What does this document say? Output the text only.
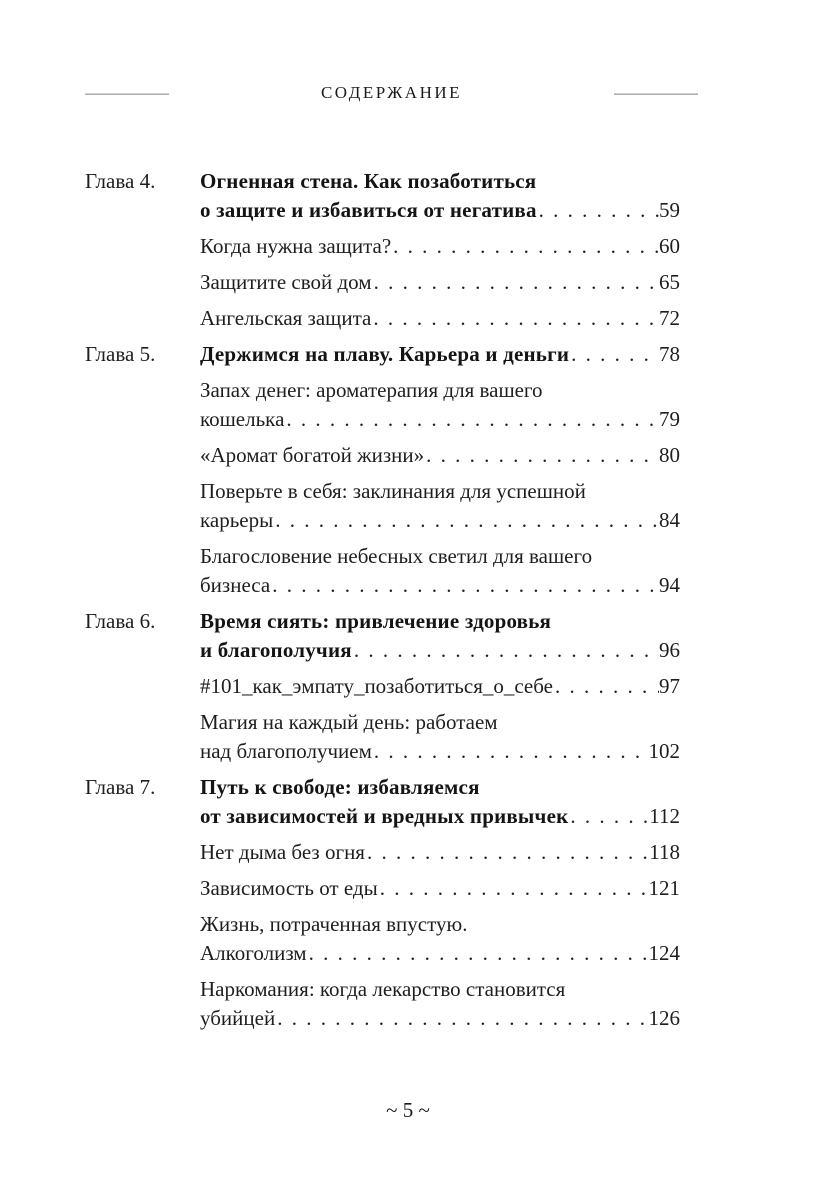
СОДЕРЖАНИЕ
Глава 4.	Огненная стена. Как позаботиться
о защите и избавиться от негатива . . .	59
Когда нужна защита? . . .	60
Защитите свой дом . . .	65
Ангельская защита . . .	72
Глава 5.	Держимся на плаву. Карьера и деньги . . .	78
Запах денег: ароматерапия для вашего
кошелька . . .	79
«Аромат богатой жизни» . . .	80
Поверьте в себя: заклинания для успешной
карьеры . . .	84
Благословение небесных светил для вашего
бизнеса . . .	94
Глава 6.	Время сиять: привлечение здоровья
и благополучия . . .	96
#101_как_эмпату_позаботиться_о_себе . . .	97
Магия на каждый день: работаем
над благополучием . . .	102
Глава 7.	Путь к свободе: избавляемся
от зависимостей и вредных привычек . . .	112
Нет дыма без огня . . .	118
Зависимость от еды . . .	121
Жизнь, потраченная впустую.
Алкоголизм . . .	124
Наркомания: когда лекарство становится
убийцей . . .	126
~ 5 ~
